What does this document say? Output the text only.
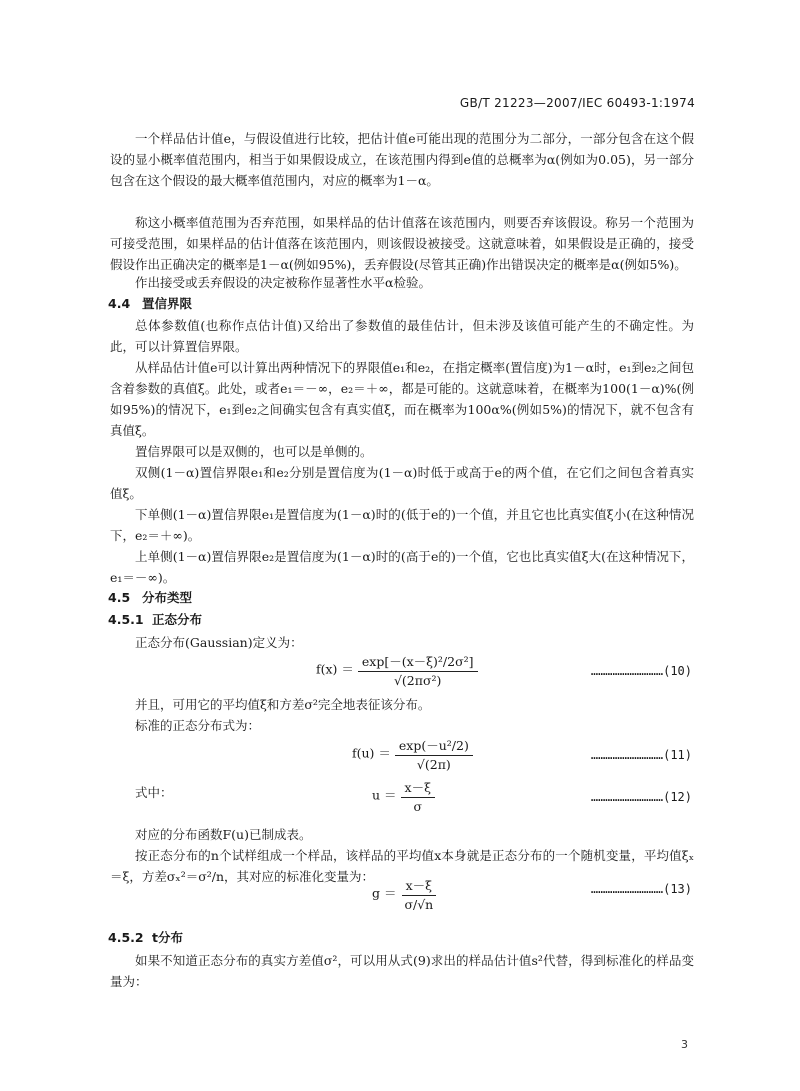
GB/T 21223—2007/IEC 60493-1:1974

一个样品估计值e，与假设值进行比较，把估计值e可能出现的范围分为二部分，一部分包含在这个假设的显小概率值范围内，相当于如果假设成立，在该范围内得到e值的总概率为α(例如为0.05)，另一部分包含在这个假设的最大概率值范围内，对应的概率为1－α。

称这小概率值范围为否弃范围，如果样品的估计值落在该范围内，则要否弃该假设。称另一个范围为可接受范围，如果样品的估计值落在该范围内，则该假设被接受。这就意味着，如果假设是正确的，接受假设作出正确决定的概率是1－α(例如95%)，丢弃假设(尽管其正确)作出错误决定的概率是α(例如5%)。

作出接受或丢弃假设的决定被称作显著性水平α检验。

4.4 置信界限

总体参数值(也称作点估计值)又给出了参数值的最佳估计，但未涉及该值可能产生的不确定性。为此，可以计算置信界限。

从样品估计值e可以计算出两种情况下的界限值e₁和e₂，在指定概率(置信度)为1－α时，e₁到e₂之间包含着参数的真值ξ。此处，或者e₁＝－∞，e₂＝＋∞，都是可能的。这就意味着，在概率为100(1－α)%(例如95%)的情况下，e₁到e₂之间确实包含有真实值ξ，而在概率为100α%(例如5%)的情况下，就不包含有真值ξ。

置信界限可以是双侧的，也可以是单侧的。

双侧(1－α)置信界限e₁和e₂分别是置信度为(1－α)时低于或高于e的两个值，在它们之间包含着真实值ξ。

下单侧(1－α)置信界限e₁是置信度为(1－α)时的(低于e的)一个值，并且它也比真实值ξ小(在这种情况下，e₂＝＋∞)。

上单侧(1－α)置信界限e₂是置信度为(1－α)时的(高于e的)一个值，它也比真实值ξ大(在这种情况下，e₁＝－∞)。

4.5 分布类型
4.5.1 正态分布

正态分布(Gaussian)定义为：

$f(x) = \frac{\text{exp[－(x－ξ)²/2σ²]}}{\text{√(2πσ²)}}$	…………………………(10)

并且，可用它的平均值ξ和方差σ²完全地表征该分布。

标准的正态分布式为：

$f(u) = \frac{\text{exp(－u²/2)}}{√(2\pi)}$	…………………………(11)

式中：	$u = \frac{x-\xi}{\sigma}$	…………………………(12)

对应的分布函数F(u)已制成表。

按正态分布的n个试样组成一个样品，该样品的平均值x本身就是正态分布的一个随机变量，平均值ξₓ＝ξ，方差σₓ²＝σ²/n，其对应的标准化变量为：

$g = \frac{x-\xi}{\sigma/√n}$	…………………………(13)
4.5.2 t分布

如果不知道正态分布的真实方差值σ²，可以用从式(9)求出的样品估计值s²代替，得到标准化的样品变量为：

3
